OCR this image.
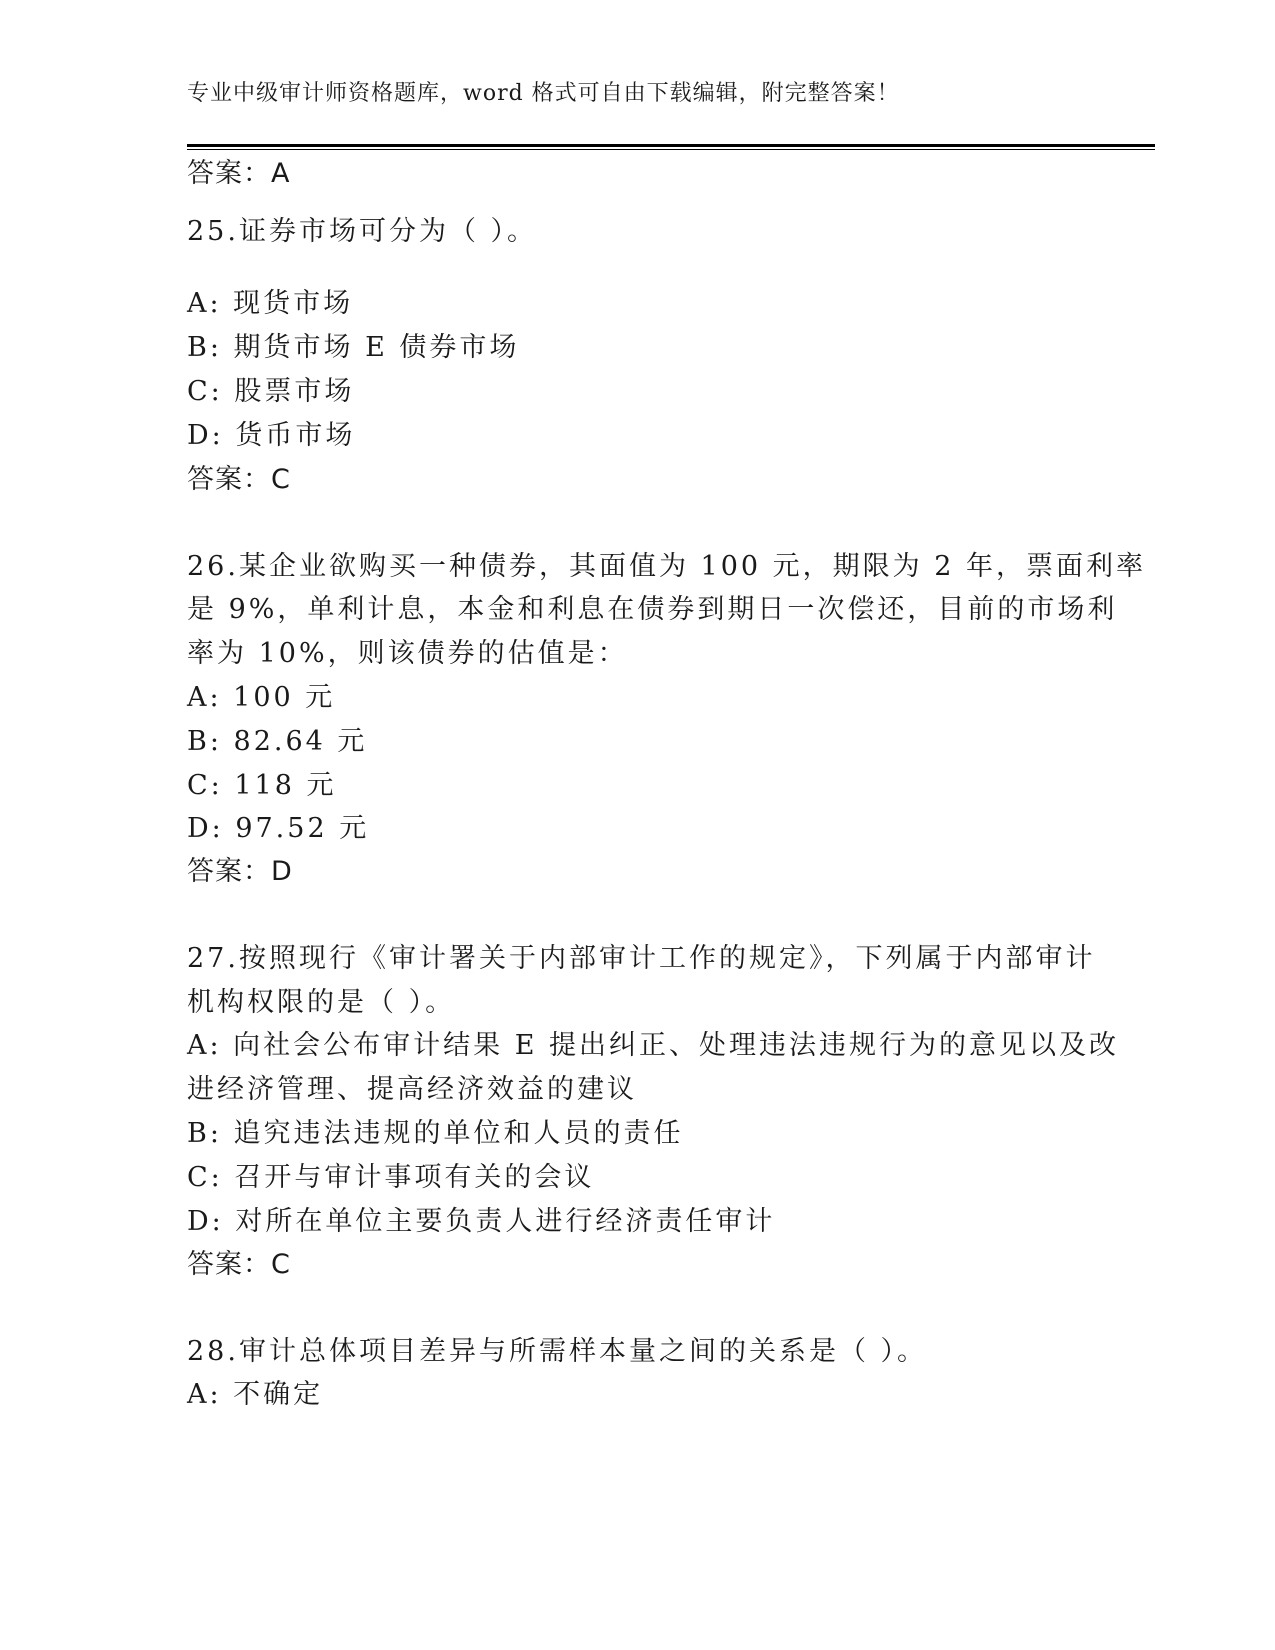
专业中级审计师资格题库，word 格式可自由下载编辑，附完整答案！
答案：A
25.证券市场可分为（ ）。
A: 现货市场
B: 期货市场 E 债券市场
C: 股票市场
D: 货币市场
答案：C
26.某企业欲购买一种债券，其面值为 100 元，期限为 2 年，票面利率
是 9%，单利计息，本金和利息在债券到期日一次偿还，目前的市场利
率为 10%，则该债券的估值是：
A: 100 元
B: 82.64 元
C: 118 元
D: 97.52 元
答案：D
27.按照现行《审计署关于内部审计工作的规定》，下列属于内部审计
机构权限的是（ ）。
A: 向社会公布审计结果 E 提出纠正、处理违法违规行为的意见以及改
进经济管理、提高经济效益的建议
B: 追究违法违规的单位和人员的责任
C: 召开与审计事项有关的会议
D: 对所在单位主要负责人进行经济责任审计
答案：C
28.审计总体项目差异与所需样本量之间的关系是（ ）。
A: 不确定
